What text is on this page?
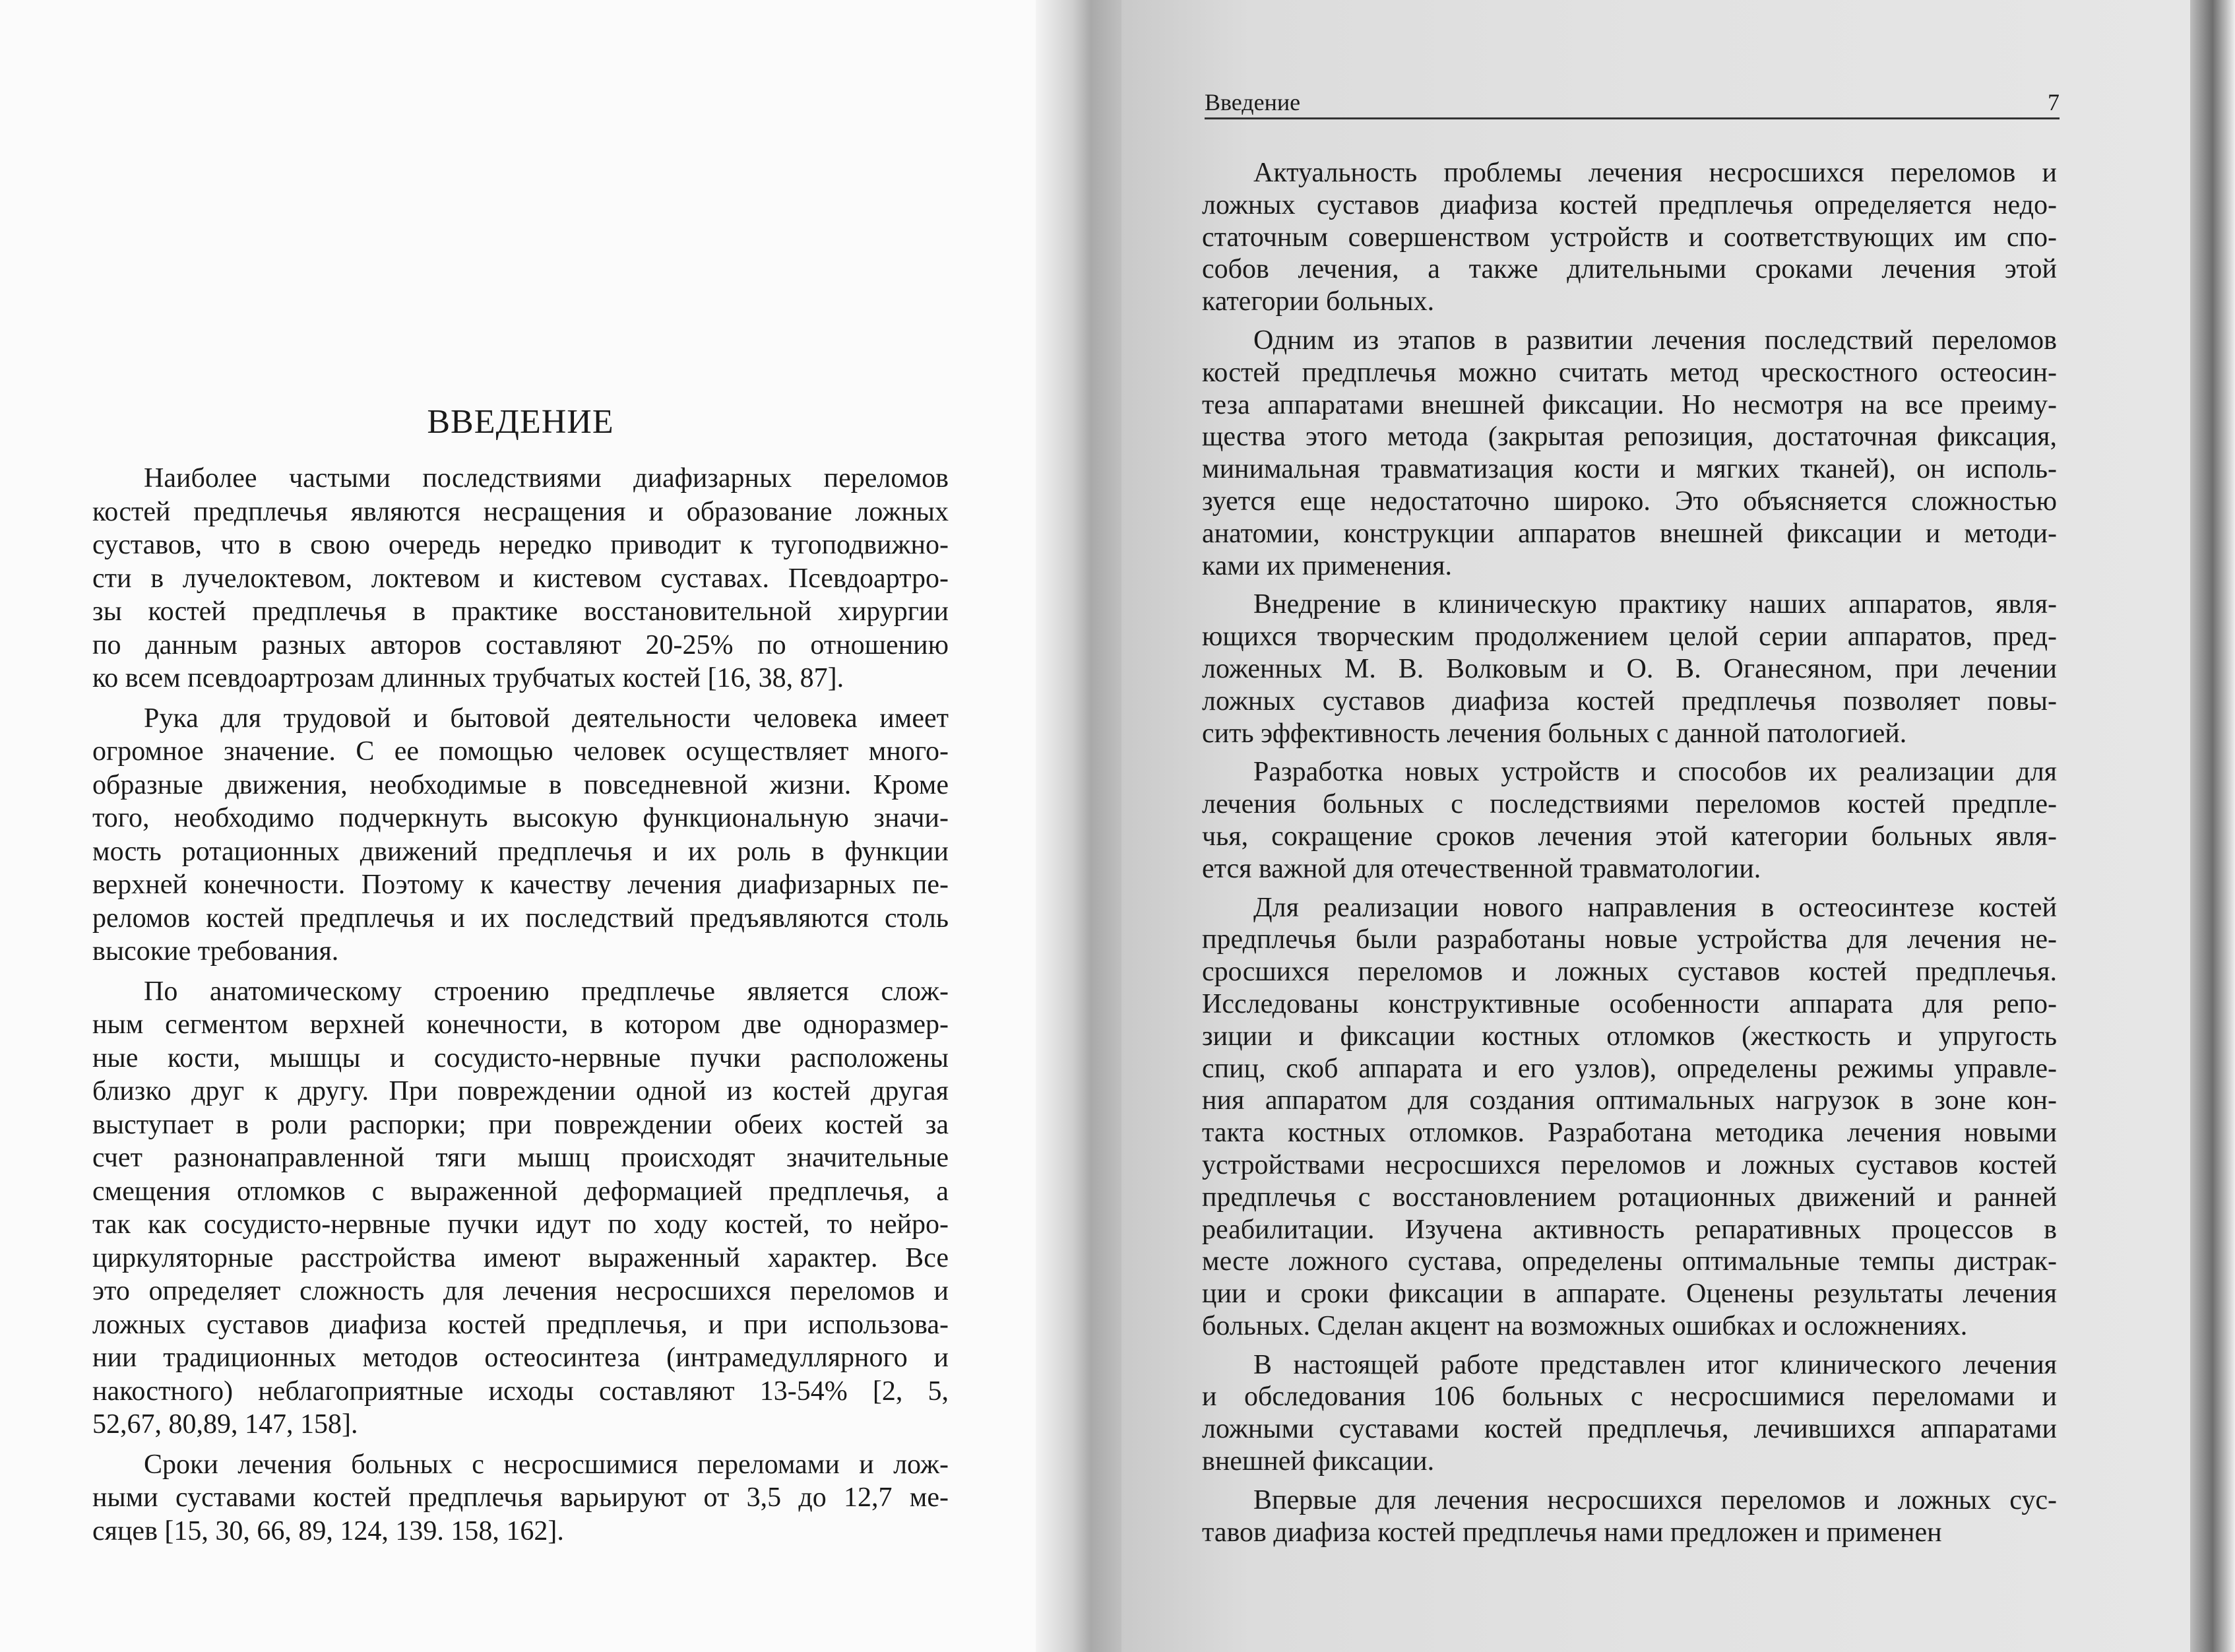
ВВЕДЕНИЕ
Наиболее частыми последствиями диафизарных переломов
костей предплечья являются несращения и образование ложных
суставов, что в свою очередь нередко приводит к тугоподвижно-
сти в лучелоктевом, локтевом и кистевом суставах. Псевдоартро-
зы костей предплечья в практике восстановительной хирургии
по данным разных авторов составляют 20-25% по отношению
ко всем псевдоартрозам длинных трубчатых костей [16, 38, 87].
Рука для трудовой и бытовой деятельности человека имеет
огромное значение. С ее помощью человек осуществляет много-
образные движения, необходимые в повседневной жизни. Кроме
того, необходимо подчеркнуть высокую функциональную значи-
мость ротационных движений предплечья и их роль в функции
верхней конечности. Поэтому к качеству лечения диафизарных пе-
реломов костей предплечья и их последствий предъявляются столь
высокие требования.
По анатомическому строению предплечье является слож-
ным сегментом верхней конечности, в котором две одноразмер-
ные кости, мышцы и сосудисто-нервные пучки расположены
близко друг к другу. При повреждении одной из костей другая
выступает в роли распорки; при повреждении обеих костей за
счет разнонаправленной тяги мышц происходят значительные
смещения отломков с выраженной деформацией предплечья, а
так как сосудисто-нервные пучки идут по ходу костей, то нейро-
циркуляторные расстройства имеют выраженный характер. Все
это определяет сложность для лечения несросшихся переломов и
ложных суставов диафиза костей предплечья, и при использова-
нии традиционных методов остеосинтеза (интрамедуллярного и
накостного) неблагоприятные исходы составляют 13-54% [2, 5,
52,67, 80,89, 147, 158].
Сроки лечения больных с несросшимися переломами и лож-
ными суставами костей предплечья варьируют от 3,5 до 12,7 ме-
сяцев [15, 30, 66, 89, 124, 139. 158, 162].
Введение	7
Актуальность проблемы лечения несросшихся переломов и
ложных суставов диафиза костей предплечья определяется недо-
статочным совершенством устройств и соответствующих им спо-
собов лечения, а также длительными сроками лечения этой
категории больных.
Одним из этапов в развитии лечения последствий переломов
костей предплечья можно считать метод чрескостного остеосин-
теза аппаратами внешней фиксации. Но несмотря на все преиму-
щества этого метода (закрытая репозиция, достаточная фиксация,
минимальная травматизация кости и мягких тканей), он исполь-
зуется еще недостаточно широко. Это объясняется сложностью
анатомии, конструкции аппаратов внешней фиксации и методи-
ками их применения.
Внедрение в клиническую практику наших аппаратов, явля-
ющихся творческим продолжением целой серии аппаратов, пред-
ложенных М. В. Волковым и О. В. Оганесяном, при лечении
ложных суставов диафиза костей предплечья позволяет повы-
сить эффективность лечения больных с данной патологией.
Разработка новых устройств и способов их реализации для
лечения больных с последствиями переломов костей предпле-
чья, сокращение сроков лечения этой категории больных явля-
ется важной для отечественной травматологии.
Для реализации нового направления в остеосинтезе костей
предплечья были разработаны новые устройства для лечения не-
сросшихся переломов и ложных суставов костей предплечья.
Исследованы конструктивные особенности аппарата для репо-
зиции и фиксации костных отломков (жесткость и упругость
спиц, скоб аппарата и его узлов), определены режимы управле-
ния аппаратом для создания оптимальных нагрузок в зоне кон-
такта костных отломков. Разработана методика лечения новыми
устройствами несросшихся переломов и ложных суставов костей
предплечья с восстановлением ротационных движений и ранней
реабилитации. Изучена активность репаративных процессов в
месте ложного сустава, определены оптимальные темпы дистрак-
ции и сроки фиксации в аппарате. Оценены результаты лечения
больных. Сделан акцент на возможных ошибках и осложнениях.
В настоящей работе представлен итог клинического лечения
и обследования 106 больных с несросшимися переломами и
ложными суставами костей предплечья, лечившихся аппаратами
внешней фиксации.
Впервые для лечения несросшихся переломов и ложных сус-
тавов диафиза костей предплечья нами предложен и применен
